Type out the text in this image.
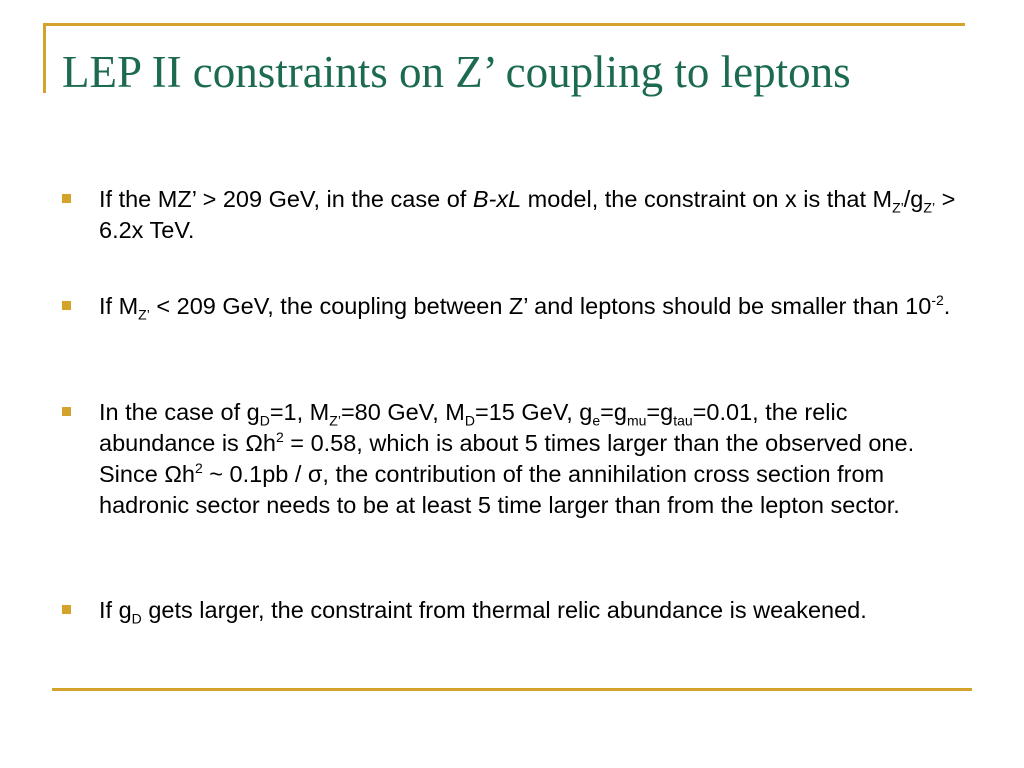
LEP II constraints on Z’ coupling to leptons
If the MZ’ > 209 GeV, in the case of B-xL model, the constraint on x is that $M_{Z’}/g_{Z’} > 6.2x$ TeV.
If $M_{Z’} < 209$ GeV, the coupling between Z’ and leptons should be smaller than $10^{-2}$.
In the case of $g_D=1$, $M_{Z’}=80$ GeV, $M_D=15$ GeV, $g_e=g_{mu}=g_{tau}=0.01$, the relic abundance is $\Omega h^2 = 0.58$, which is about 5 times larger than the observed one. Since $\Omega h^2$ ~ 0.1pb / σ, the contribution of the annihilation cross section from hadronic sector needs to be at least 5 time larger than from the lepton sector.
If $g_D$ gets larger, the constraint from thermal relic abundance is weakened.
